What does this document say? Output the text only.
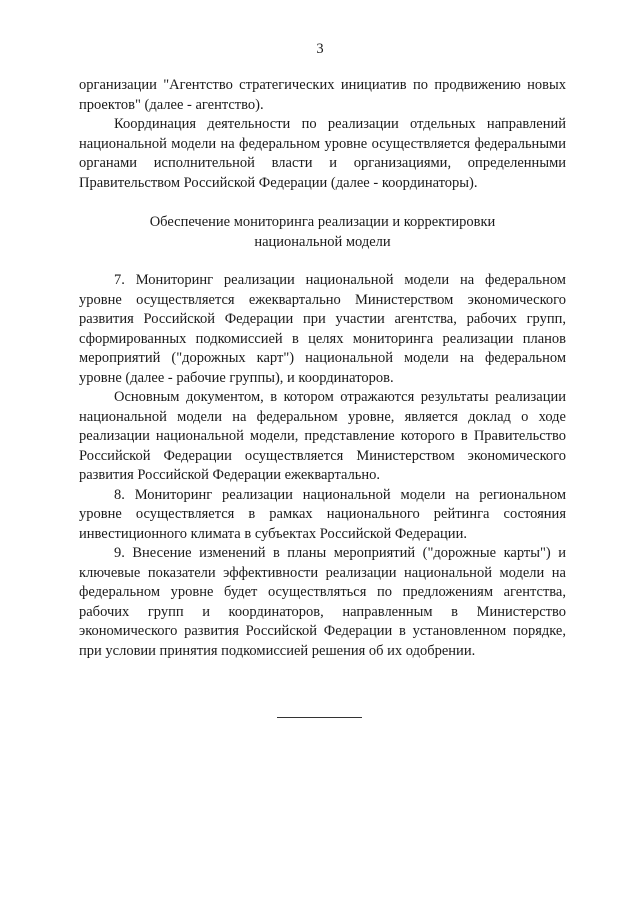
3

организации "Агентство стратегических инициатив по продвижению новых проектов" (далее - агентство).

Координация деятельности по реализации отдельных направлений национальной модели на федеральном уровне осуществляется федеральными органами исполнительной власти и организациями, определенными Правительством Российской Федерации (далее - координаторы).

Обеспечение мониторинга реализации и корректировки национальной модели

7. Мониторинг реализации национальной модели на федеральном уровне осуществляется ежеквартально Министерством экономического развития Российской Федерации при участии агентства, рабочих групп, сформированных подкомиссией в целях мониторинга реализации планов мероприятий ("дорожных карт") национальной модели на федеральном уровне (далее - рабочие группы), и координаторов.

Основным документом, в котором отражаются результаты реализации национальной модели на федеральном уровне, является доклад о ходе реализации национальной модели, представление которого в Правительство Российской Федерации осуществляется Министерством экономического развития Российской Федерации ежеквартально.

8. Мониторинг реализации национальной модели на региональном уровне осуществляется в рамках национального рейтинга состояния инвестиционного климата в субъектах Российской Федерации.

9. Внесение изменений в планы мероприятий ("дорожные карты") и ключевые показатели эффективности реализации национальной модели на федеральном уровне будет осуществляться по предложениям агентства, рабочих групп и координаторов, направленным в Министерство экономического развития Российской Федерации в установленном порядке, при условии принятия подкомиссией решения об их одобрении.
